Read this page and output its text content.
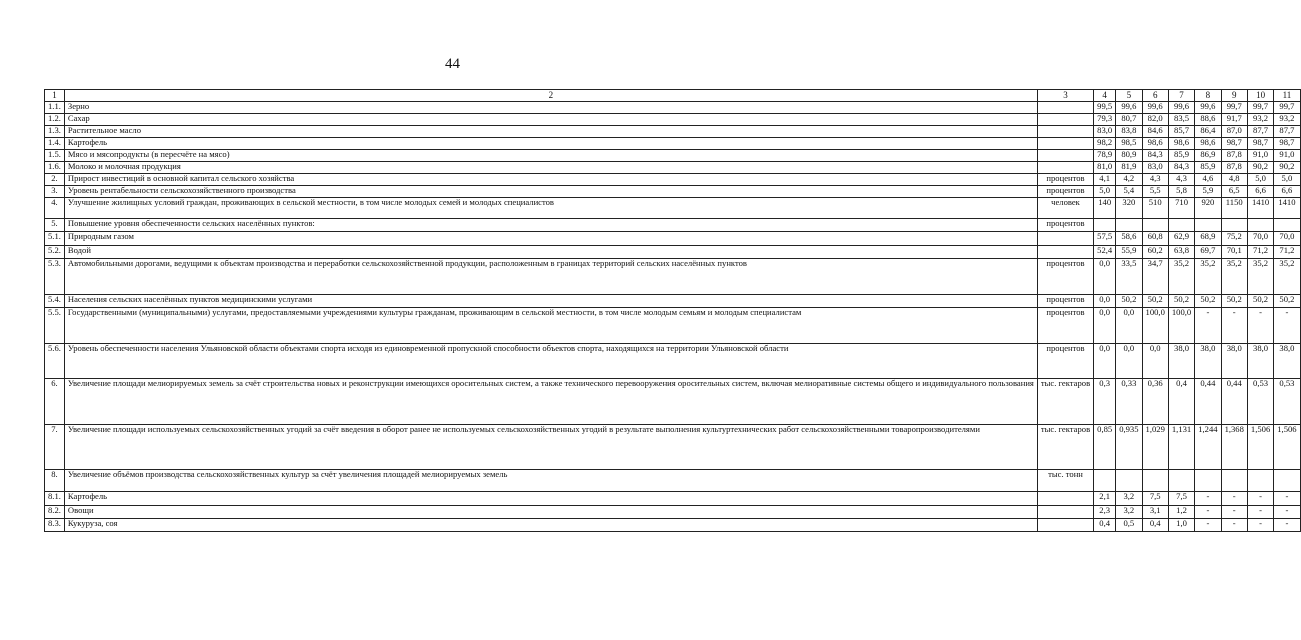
44
1	2	3	4	5	6	7	8	9	10	11
1.1.	Зерно		99,5	99,6	99,6	99,6	99,6	99,7	99,7	99,7
1.2.	Сахар		79,3	80,7	82,0	83,5	88,6	91,7	93,2	93,2
1.3.	Растительное масло		83,0	83,8	84,6	85,7	86,4	87,0	87,7	87,7
1.4.	Картофель		98,2	98,5	98,6	98,6	98,6	98,7	98,7	98,7
1.5.	Мясо и мясопродукты (в пересчёте на мясо)		78,9	80,9	84,3	85,9	86,9	87,8	91,0	91,0
1.6.	Молоко и молочная продукция		81,0	81,9	83,0	84,3	85,9	87,8	90,2	90,2
2.	Прирост инвестиций в основной капитал сельского хозяйства	процентов	4,1	4,2	4,3	4,3	4,6	4,8	5,0	5,0
3.	Уровень рентабельности сельскохозяйственного производства	процентов	5,0	5,4	5,5	5,8	5,9	6,5	6,6	6,6
4.	Улучшение жилищных условий граждан, проживающих в сельской местности, в том числе молодых семей и молодых специалистов	человек	140	320	510	710	920	1150	1410	1410
5.	Повышение уровня обеспеченности сельских населённых пунктов:	процентов								
5.1.	Природным газом		57,5	58,6	60,8	62,9	68,9	75,2	70,0	70,0
5.2.	Водой		52,4	55,9	60,2	63,8	69,7	70,1	71,2	71,2
5.3.	Автомобильными дорогами, ведущими к объектам производства и переработки сельскохозяйственной продукции, расположенным в границах территорий сельских населённых пунктов	процентов	0,0	33,5	34,7	35,2	35,2	35,2	35,2	35,2
5.4.	Населения сельских населённых пунктов медицинскими услугами	процентов	0,0	50,2	50,2	50,2	50,2	50,2	50,2	50,2
5.5.	Государственными (муниципальными) услугами, предоставляемыми учреждениями культуры гражданам, проживающим в сельской местности, в том числе молодым семьям и молодым специалистам	процентов	0,0	0,0	100,0	100,0	-	-	-	-
5.6.	Уровень обеспеченности населения Ульяновской области объектами спорта исходя из единовременной пропускной способности объектов спорта, находящихся на территории Ульяновской области	процентов	0,0	0,0	0,0	38,0	38,0	38,0	38,0	38,0
6.	Увеличение площади мелиорируемых земель за счёт строительства новых и реконструкции имеющихся оросительных систем, а также технического перевооружения оросительных систем, включая мелиоративные системы общего и индивидуального пользования	тыс. гектаров	0,3	0,33	0,36	0,4	0,44	0,44	0,53	0,53
7.	Увеличение площади используемых сельскохозяйственных угодий за счёт введения в оборот ранее не используемых сельскохозяйственных угодий в результате выполнения культуртехнических работ сельскохозяйственными товаропроизводителями	тыс. гектаров	0,85	0,935	1,029	1,131	1,244	1,368	1,506	1,506
8.	Увеличение объёмов производства сельскохозяйственных культур за счёт увеличения площадей мелиорируемых земель	тыс. тонн								
8.1.	Картофель		2,1	3,2	7,5	7,5	-	-	-	-
8.2.	Овощи		2,3	3,2	3,1	1,2	-	-	-	-
8.3.	Кукуруза, соя		0,4	0,5	0,4	1,0	-	-	-	-
